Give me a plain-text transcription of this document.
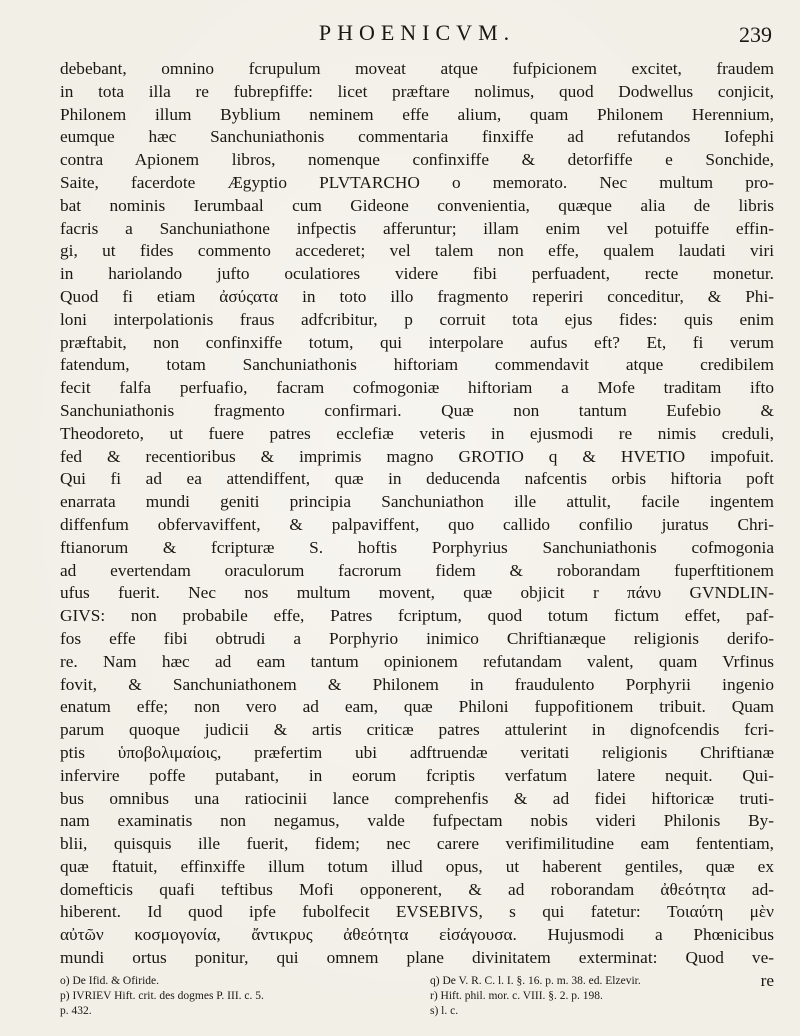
PHOENICVM.	239
debebant, omnino fcrupulum moveat atque fufpicionem excitet, fraudem
in tota illa re fubrepfiffe: licet præftare nolimus, quod Dodwellus conjicit,
Philonem illum Byblium neminem effe alium, quam Philonem Herennium,
eumque hæc Sanchuniathonis commentaria finxiffe ad refutandos Iofephi
contra Apionem libros, nomenque confinxiffe & detorfiffe e Sonchide,
Saite, facerdote Ægyptio PLVTARCHO o memorato. Nec multum pro-
bat nominis Ierumbaal cum Gideone convenientia, quæque alia de libris
facris a Sanchuniathone infpectis afferuntur; illam enim vel potuiffe effin-
gi, ut fides commento accederet; vel talem non effe, qualem laudati viri
in hariolando jufto oculatiores videre fibi perfuadent, recte monetur.
Quod fi etiam ἀσύςατα in toto illo fragmento reperiri conceditur, & Phi-
loni interpolationis fraus adfcribitur, p corruit tota ejus fides: quis enim
præftabit, non confinxiffe totum, qui interpolare aufus eft? Et, fi verum
fatendum, totam Sanchuniathonis hiftoriam commendavit atque credibilem
fecit falfa perfuafio, facram cofmogoniæ hiftoriam a Mofe traditam ifto
Sanchuniathonis fragmento confirmari. Quæ non tantum Eufebio &
Theodoreto, ut fuere patres ecclefiæ veteris in ejusmodi re nimis creduli,
fed & recentioribus & imprimis magno GROTIO q & HVETIO impofuit.
Qui fi ad ea attendiffent, quæ in deducenda nafcentis orbis hiftoria poft
enarrata mundi geniti principia Sanchuniathon ille attulit, facile ingentem
diffenfum obfervaviffent, & palpaviffent, quo callido confilio juratus Chri-
ftianorum & fcripturæ S. hoftis Porphyrius Sanchuniathonis cofmogonia
ad evertendam oraculorum facrorum fidem & roborandam fuperftitionem
ufus fuerit. Nec nos multum movent, quæ objicit r πάνυ GVNDLIN-
GIVS: non probabile effe, Patres fcriptum, quod totum fictum effet, paf-
fos effe fibi obtrudi a Porphyrio inimico Chriftianæque religionis derifo-
re. Nam hæc ad eam tantum opinionem refutandam valent, quam Vrfinus
fovit, & Sanchuniathonem & Philonem in fraudulento Porphyrii ingenio
enatum effe; non vero ad eam, quæ Philoni fuppofitionem tribuit. Quam
parum quoque judicii & artis criticæ patres attulerint in dignofcendis fcri-
ptis ὑποβολιμαίοις, præfertim ubi adftruendæ veritati religionis Chriftianæ
infervire poffe putabant, in eorum fcriptis verfatum latere nequit. Qui-
bus omnibus una ratiocinii lance comprehenfis & ad fidei hiftoricæ truti-
nam examinatis non negamus, valde fufpectam nobis videri Philonis By-
blii, quisquis ille fuerit, fidem; nec carere verifimilitudine eam fententiam,
quæ ftatuit, effinxiffe illum totum illud opus, ut haberent gentiles, quæ ex
domefticis quafi teftibus Mofi opponerent, & ad roborandam ἀθεότητα ad-
hiberent. Id quod ipfe fubolfecit EVSEBIVS, s qui fatetur: Τοιαύτη μὲν
αὐτῶν κοσμογονία, ἄντικρυς ἀθεότητα εἰσάγουσα. Hujusmodi a Phœnicibus
mundi ortus ponitur, qui omnem plane divinitatem exterminat: Quod ve-
re
o) De Ifid. & Ofiride.
p) IVRIEV Hift. crit. des dogmes P. III. c. 5.
p. 432.
q) De V. R. C. l. I. §. 16. p. m. 38. ed. Elzevir.
r) Hift. phil. mor. c. VIII. §. 2. p. 198.
s) l. c.
